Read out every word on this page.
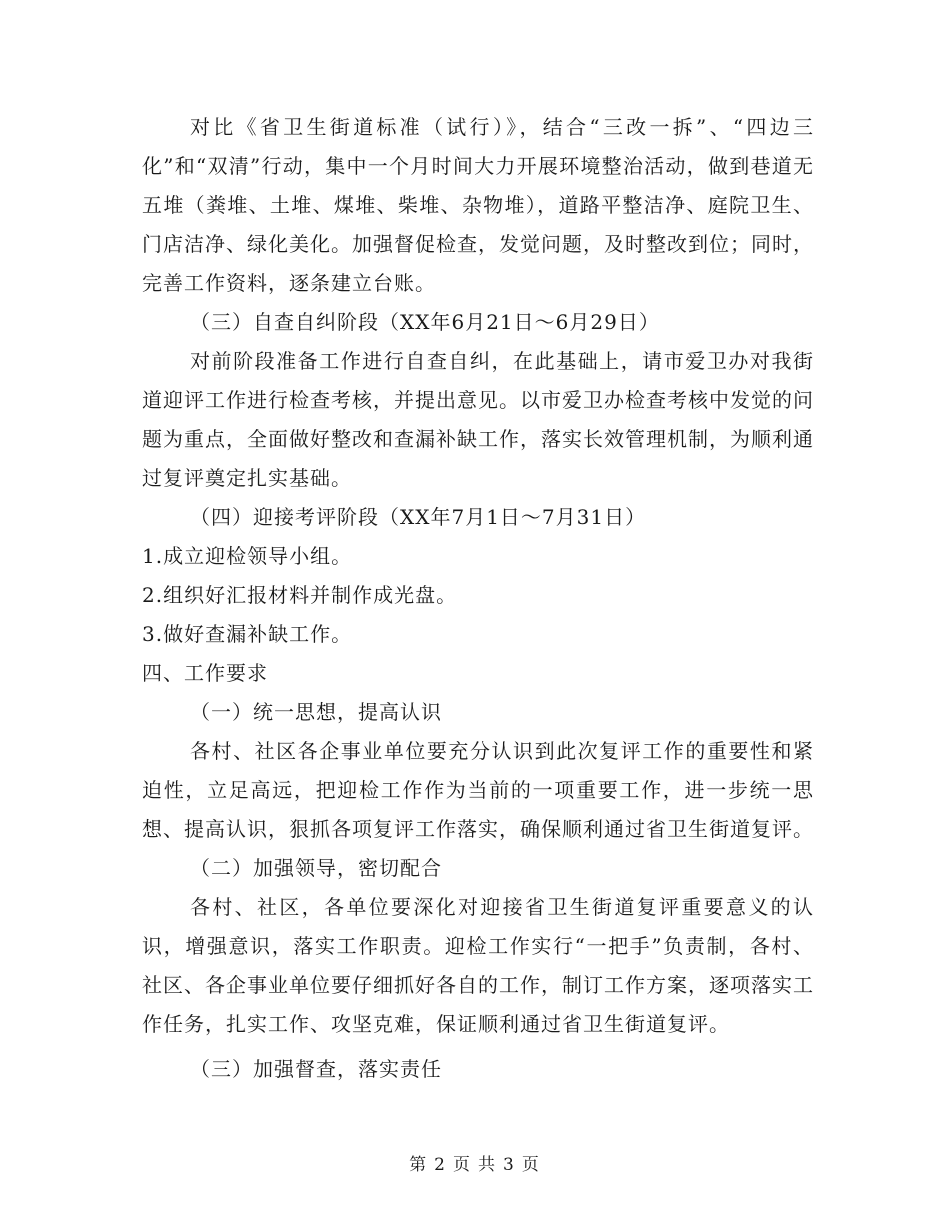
对比《省卫生街道标准（试行）》，结合“三改一拆”、“四边三化”和“双清”行动，集中一个月时间大力开展环境整治活动，做到巷道无五堆（粪堆、土堆、煤堆、柴堆、杂物堆），道路平整洁净、庭院卫生、门店洁净、绿化美化。加强督促检查，发觉问题，及时整改到位；同时，完善工作资料，逐条建立台账。

（三）自查自纠阶段（XX年6月21日～6月29日）

对前阶段准备工作进行自查自纠，在此基础上，请市爱卫办对我街道迎评工作进行检查考核，并提出意见。以市爱卫办检查考核中发觉的问题为重点，全面做好整改和查漏补缺工作，落实长效管理机制，为顺利通过复评奠定扎实基础。

（四）迎接考评阶段（XX年7月1日～7月31日）

1.成立迎检领导小组。

2.组织好汇报材料并制作成光盘。

3.做好查漏补缺工作。

四、工作要求

（一）统一思想，提高认识

各村、社区各企事业单位要充分认识到此次复评工作的重要性和紧迫性，立足高远，把迎检工作作为当前的一项重要工作，进一步统一思想、提高认识，狠抓各项复评工作落实，确保顺利通过省卫生街道复评。

（二）加强领导，密切配合

各村、社区，各单位要深化对迎接省卫生街道复评重要意义的认识，增强意识，落实工作职责。迎检工作实行“一把手”负责制，各村、社区、各企事业单位要仔细抓好各自的工作，制订工作方案，逐项落实工作任务，扎实工作、攻坚克难，保证顺利通过省卫生街道复评。

（三）加强督查，落实责任

第 2 页 共 3 页
